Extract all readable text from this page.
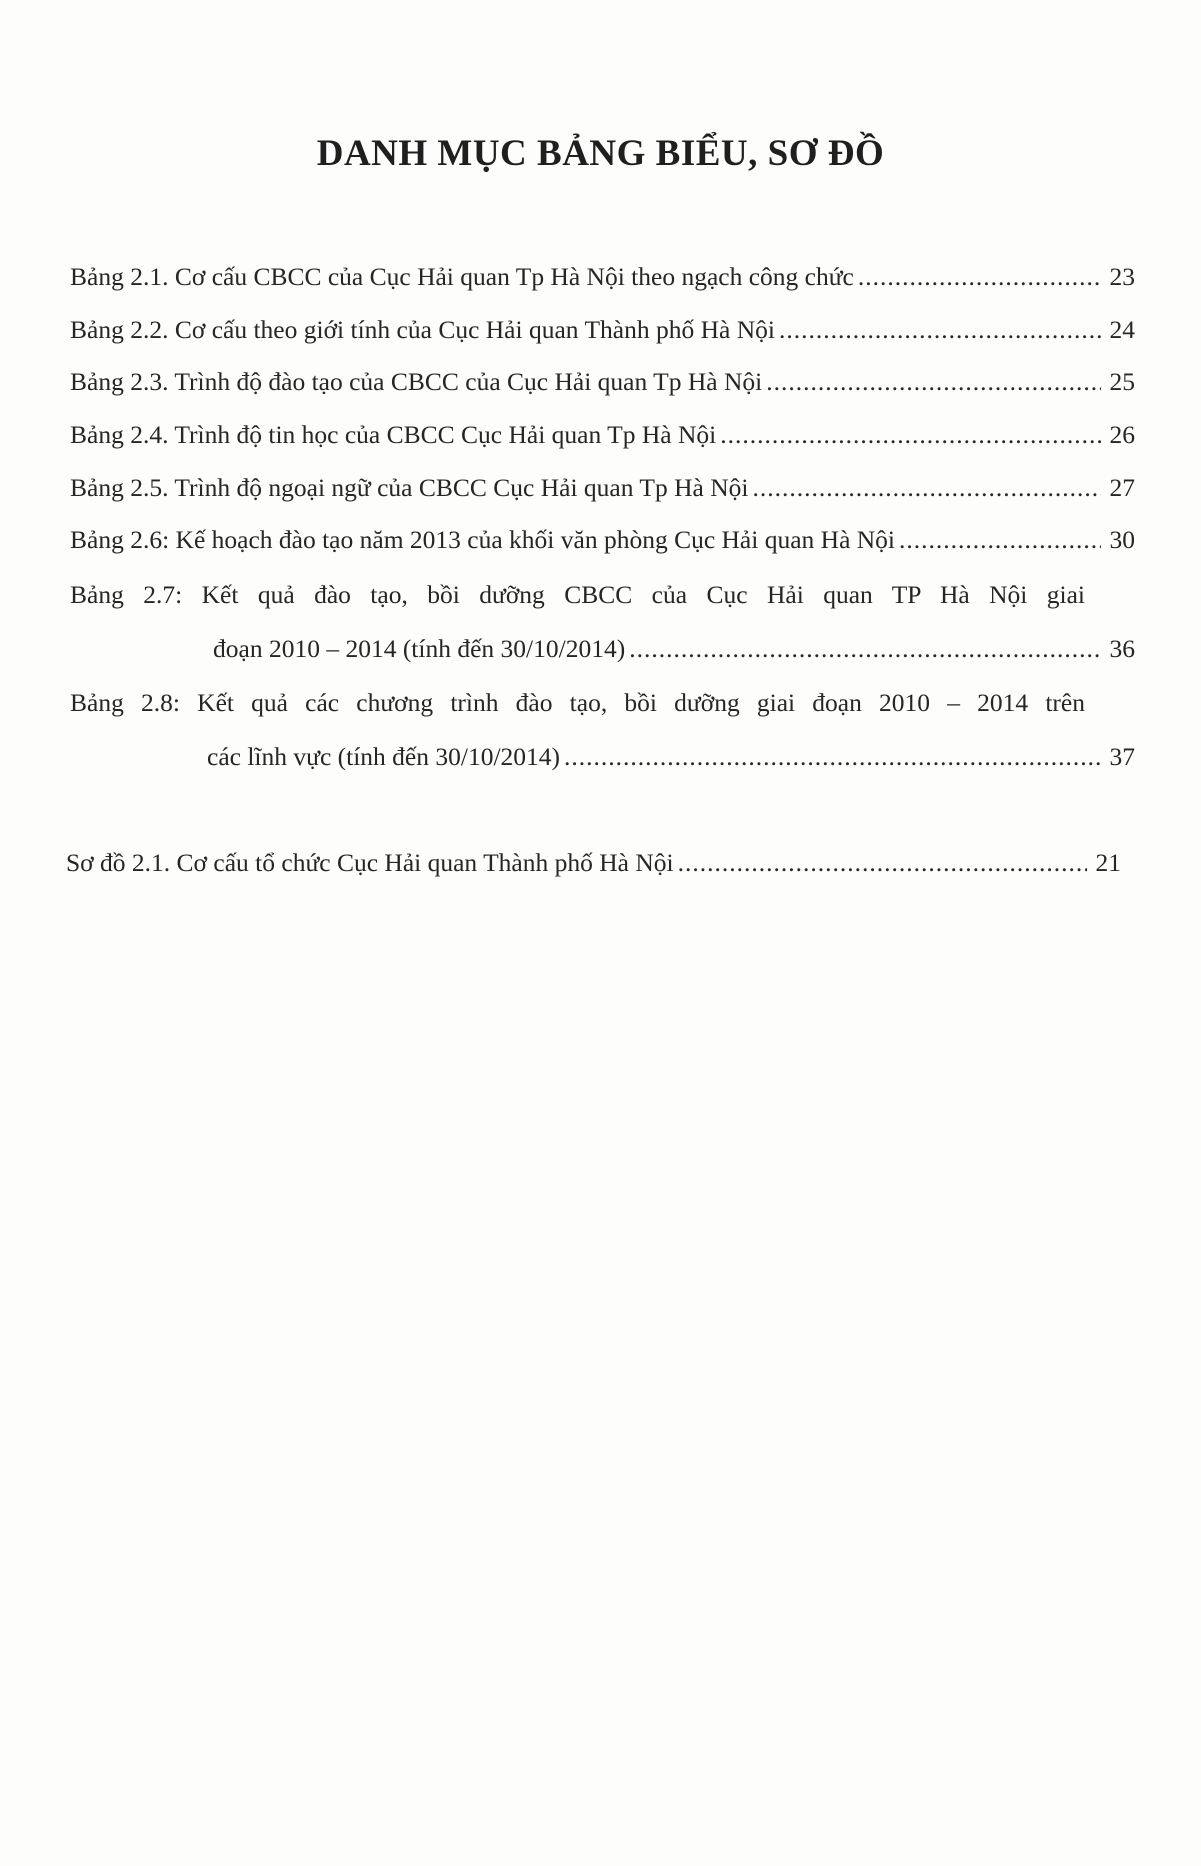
DANH MỤC BẢNG BIỂU, SƠ ĐỒ
Bảng 2.1. Cơ cấu CBCC của Cục Hải quan Tp Hà Nội theo ngạch công chức .....	23
Bảng 2.2. Cơ cấu theo giới tính của Cục Hải quan Thành phố Hà Nội .....	24
Bảng 2.3. Trình độ đào tạo của CBCC của Cục Hải quan Tp Hà Nội .....	25
Bảng 2.4. Trình độ tin học của CBCC Cục Hải quan Tp Hà Nội .....	26
Bảng 2.5. Trình độ ngoại ngữ của CBCC Cục Hải quan Tp Hà Nội .....	27
Bảng 2.6: Kế hoạch đào tạo năm 2013 của khối văn phòng Cục Hải quan Hà Nội .....	30
Bảng 2.7: Kết quả đào tạo, bồi dưỡng CBCC của Cục Hải quan TP Hà Nội giai
đoạn 2010 – 2014 (tính đến 30/10/2014) .....	36
Bảng 2.8: Kết quả các chương trình đào tạo, bồi dưỡng giai đoạn 2010 – 2014 trên
các lĩnh vực (tính đến 30/10/2014) .....	37
Sơ đồ 2.1. Cơ cấu tổ chức Cục Hải quan Thành phố Hà Nội .....	21
